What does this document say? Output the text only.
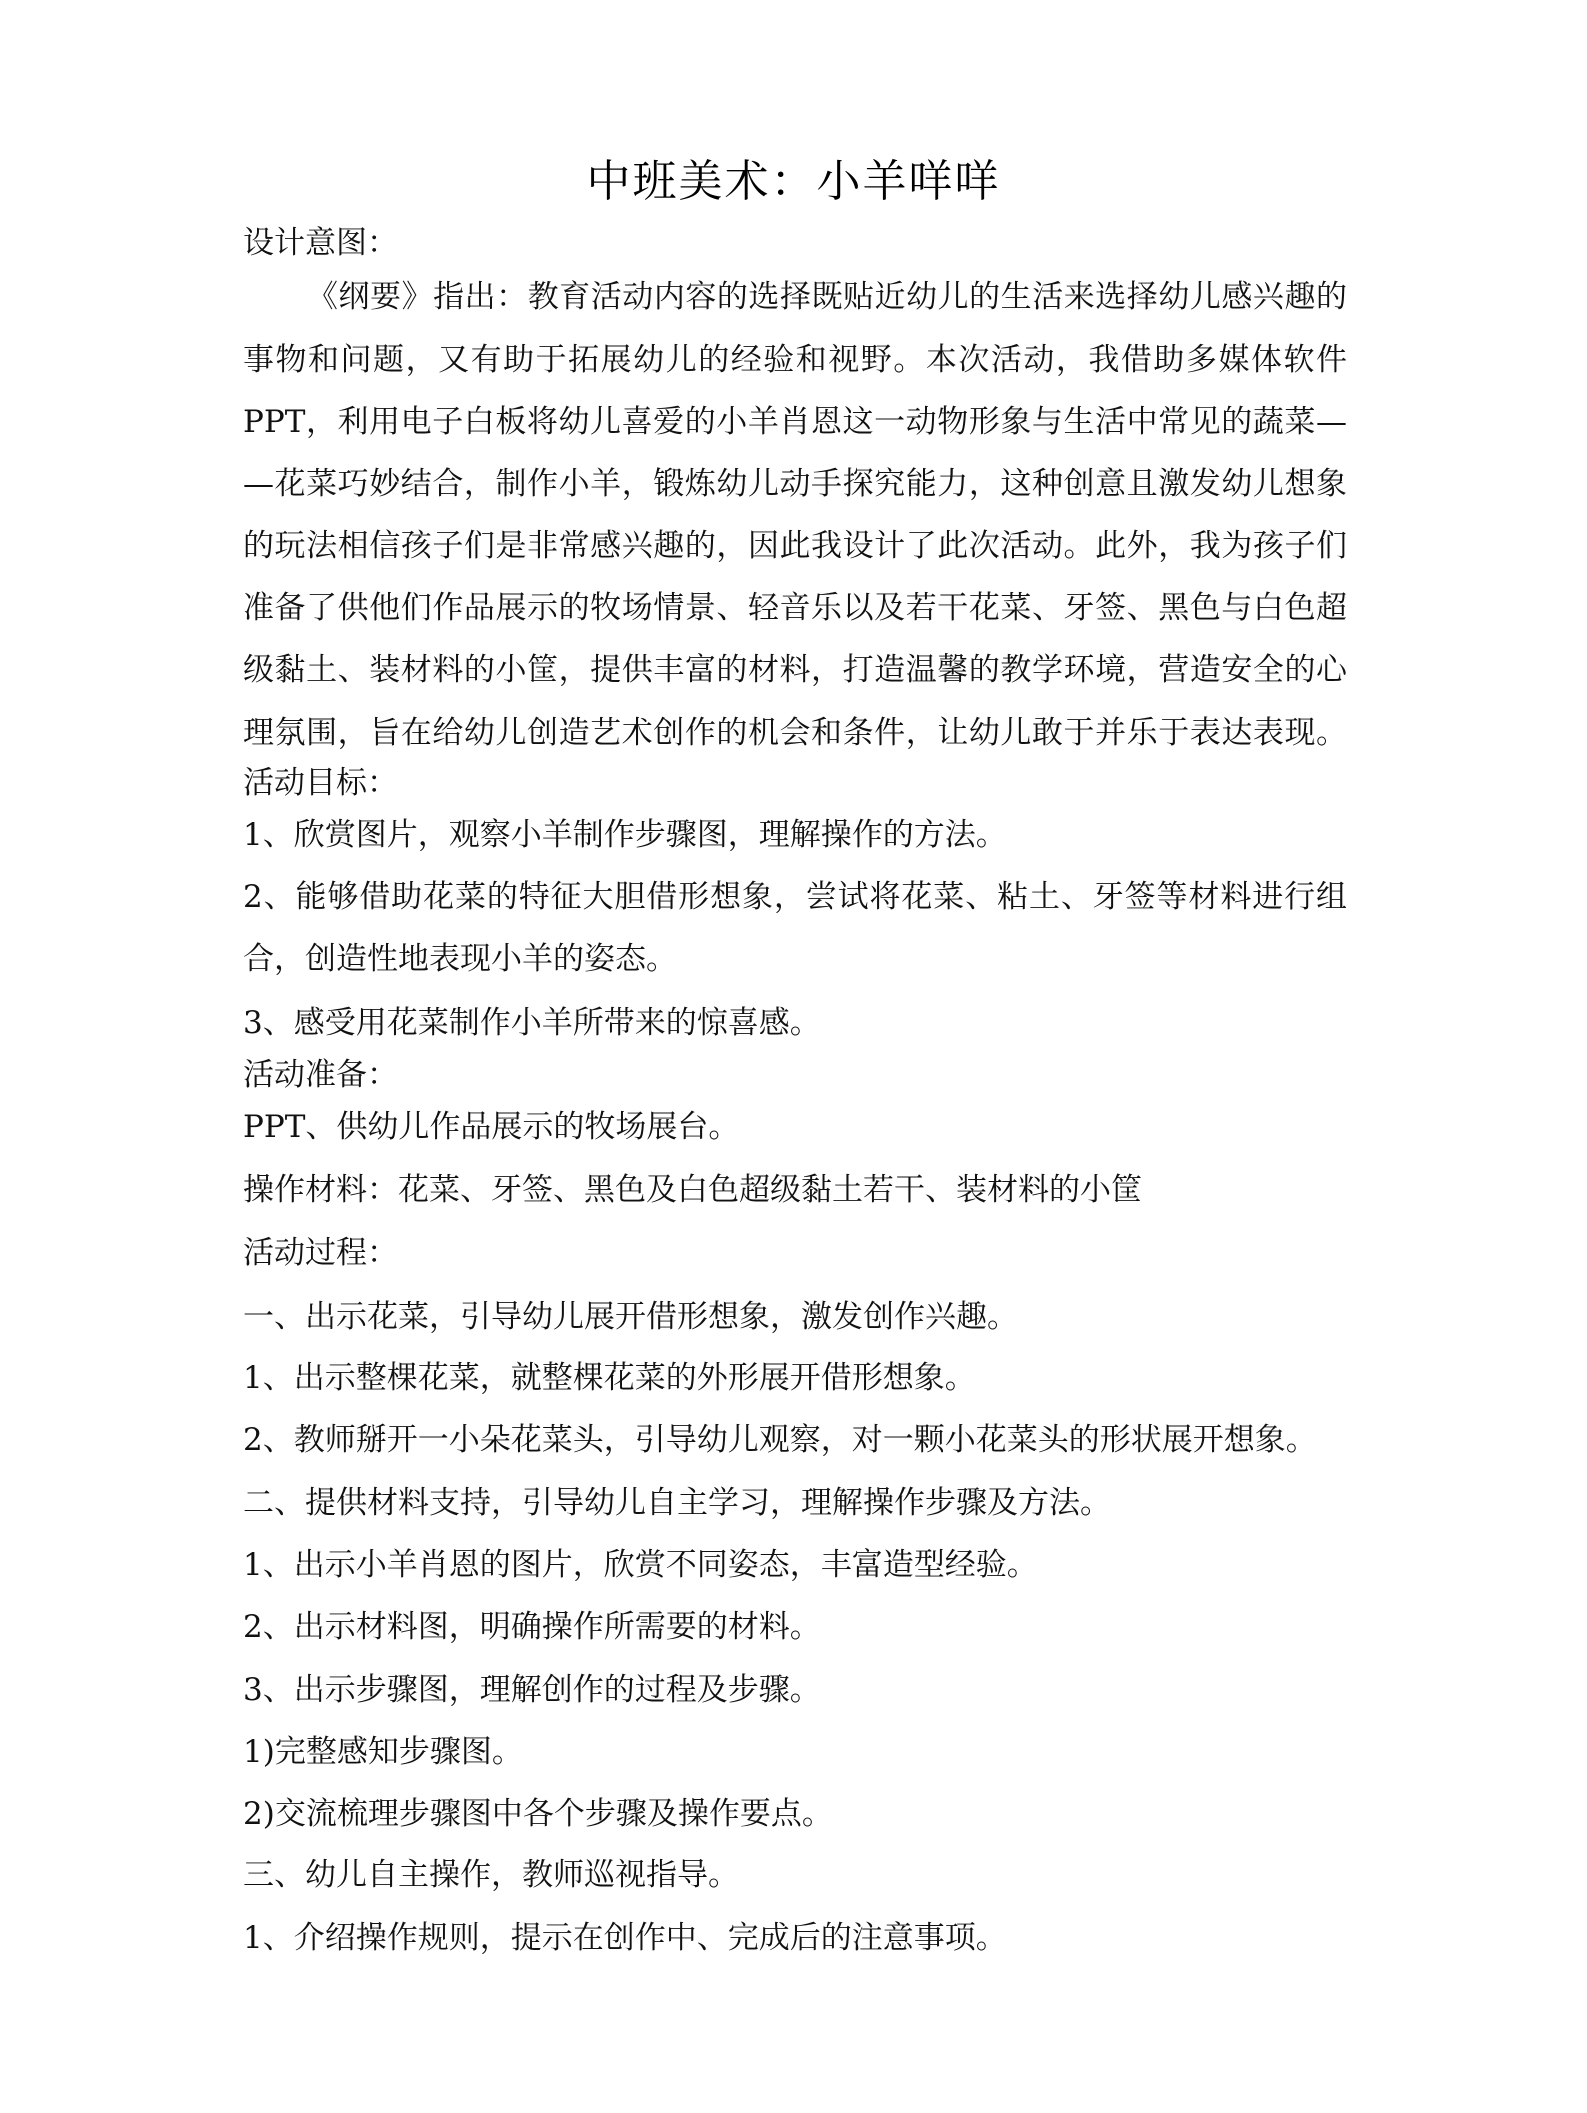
中班美术：小羊咩咩
设计意图：
《纲要》指出：教育活动内容的选择既贴近幼儿的生活来选择幼儿感兴趣的
事物和问题，又有助于拓展幼儿的经验和视野。本次活动，我借助多媒体软件
PPT，利用电子白板将幼儿喜爱的小羊肖恩这一动物形象与生活中常见的蔬菜—
—花菜巧妙结合，制作小羊，锻炼幼儿动手探究能力，这种创意且激发幼儿想象
的玩法相信孩子们是非常感兴趣的，因此我设计了此次活动。此外，我为孩子们
准备了供他们作品展示的牧场情景、轻音乐以及若干花菜、牙签、黑色与白色超
级黏土、装材料的小筐，提供丰富的材料，打造温馨的教学环境，营造安全的心
理氛围，旨在给幼儿创造艺术创作的机会和条件，让幼儿敢于并乐于表达表现。
活动目标：
1、欣赏图片，观察小羊制作步骤图，理解操作的方法。
2、能够借助花菜的特征大胆借形想象，尝试将花菜、粘土、牙签等材料进行组
合，创造性地表现小羊的姿态。
3、感受用花菜制作小羊所带来的惊喜感。
活动准备：
PPT、供幼儿作品展示的牧场展台。
操作材料：花菜、牙签、黑色及白色超级黏土若干、装材料的小筐
活动过程：
一、出示花菜，引导幼儿展开借形想象，激发创作兴趣。
1、出示整棵花菜，就整棵花菜的外形展开借形想象。
2、教师掰开一小朵花菜头，引导幼儿观察，对一颗小花菜头的形状展开想象。
二、提供材料支持，引导幼儿自主学习，理解操作步骤及方法。
1、出示小羊肖恩的图片，欣赏不同姿态，丰富造型经验。
2、出示材料图，明确操作所需要的材料。
3、出示步骤图，理解创作的过程及步骤。
1)完整感知步骤图。
2)交流梳理步骤图中各个步骤及操作要点。
三、幼儿自主操作，教师巡视指导。
1、介绍操作规则，提示在创作中、完成后的注意事项。
